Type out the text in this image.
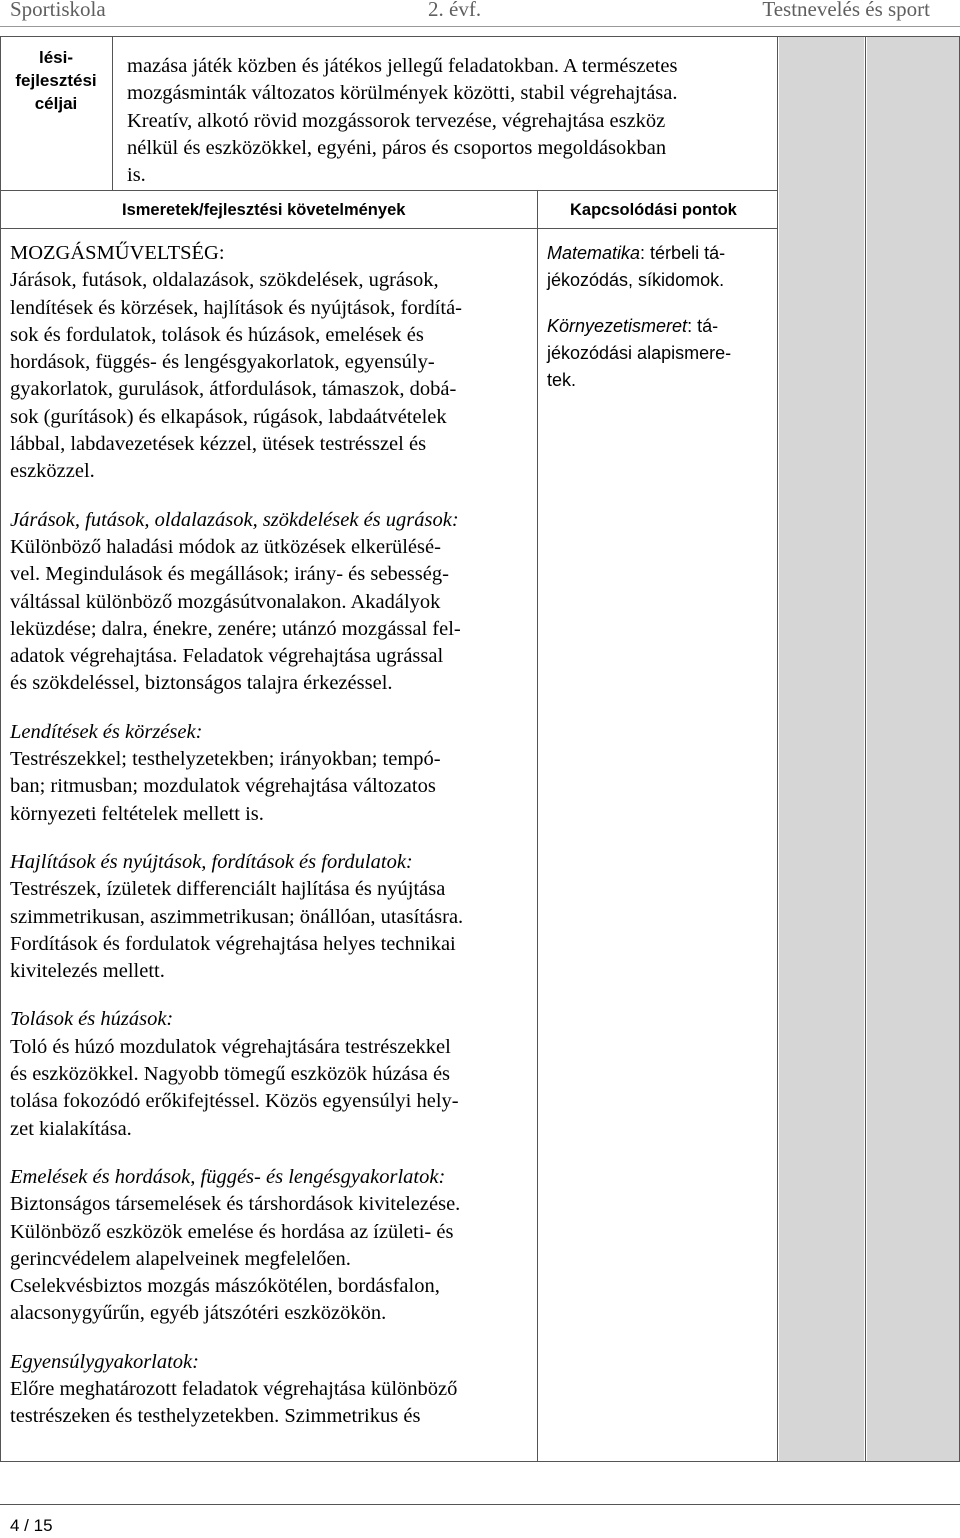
Sportiskola	2. évf.	Testnevelés és sport
lési-
fejlesztési
céljai
mazása játék közben és játékos jellegű feladatokban. A természetes
mozgásminták változatos körülmények közötti, stabil végrehajtása.
Kreatív, alkotó rövid mozgássorok tervezése, végrehajtása eszköz
nélkül és eszközökkel, egyéni, páros és csoportos megoldásokban
is.
Ismeretek/fejlesztési követelmények	Kapcsolódási pontok
MOZGÁSMŰVELTSÉG:
Járások, futások, oldalazások, szökdelések, ugrások,
lendítések és körzések, hajlítások és nyújtások, fordítá-
sok és fordulatok, tolások és húzások, emelések és
hordások, függés- és lengésgyakorlatok, egyensúly-
gyakorlatok, gurulások, átfordulások, támaszok, dobá-
sok (gurítások) és elkapások, rúgások, labdaátvételek
lábbal, labdavezetések kézzel, ütések testrésszel és
eszközzel.
Járások, futások, oldalazások, szökdelések és ugrások:
Különböző haladási módok az ütközések elkerülésé-
vel. Megindulások és megállások; irány- és sebesség-
váltással különböző mozgásútvonalakon. Akadályok
leküzdése; dalra, énekre, zenére; utánzó mozgással fel-
adatok végrehajtása. Feladatok végrehajtása ugrással
és szökdeléssel, biztonságos talajra érkezéssel.
Lendítések és körzések:
Testrészekkel; testhelyzetekben; irányokban; tempó-
ban; ritmusban; mozdulatok végrehajtása változatos
környezeti feltételek mellett is.
Hajlítások és nyújtások, fordítások és fordulatok:
Testrészek, ízületek differenciált hajlítása és nyújtása
szimmetrikusan, aszimmetrikusan; önállóan, utasításra.
Fordítások és fordulatok végrehajtása helyes technikai
kivitelezés mellett.
Tolások és húzások:
Toló és húzó mozdulatok végrehajtására testrészekkel
és eszközökkel. Nagyobb tömegű eszközök húzása és
tolása fokozódó erőkifejtéssel. Közös egyensúlyi hely-
zet kialakítása.
Emelések és hordások, függés- és lengésgyakorlatok:
Biztonságos társemelések és társhordások kivitelezése.
Különböző eszközök emelése és hordása az ízületi- és
gerincvédelem alapelveinek megfelelően.
Cselekvésbiztos mozgás mászókötélen, bordásfalon,
alacsonygyűrűn, egyéb játszótéri eszközökön.
Egyensúlygyakorlatok:
Előre meghatározott feladatok végrehajtása különböző
testrészeken és testhelyzetekben. Szimmetrikus és
Matematika: térbeli tá-
jékozódás, síkidomok.
Környezetismeret: tá-
jékozódási alapismere-
tek.
4 / 15
